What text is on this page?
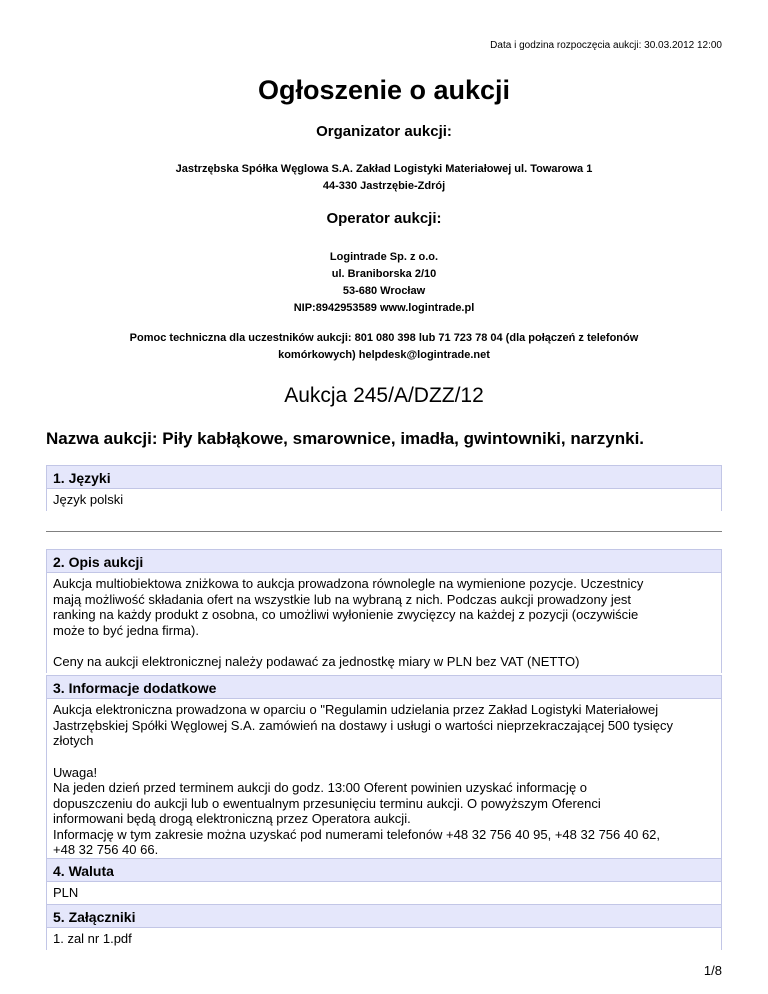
Data i godzina rozpoczęcia aukcji: 30.03.2012 12:00
Ogłoszenie o aukcji
Organizator aukcji:
Jastrzębska Spółka Węglowa S.A. Zakład Logistyki Materiałowej ul. Towarowa 1
44-330 Jastrzębie-Zdrój
Operator aukcji:
Logintrade Sp. z o.o.
ul. Braniborska 2/10
53-680 Wrocław
NIP:8942953589 www.logintrade.pl
Pomoc techniczna dla uczestników aukcji: 801 080 398 lub 71 723 78 04 (dla połączeń z telefonów
komórkowych) helpdesk@logintrade.net
Aukcja 245/A/DZZ/12
Nazwa aukcji: Piły kabłąkowe, smarownice, imadła, gwintowniki, narzynki.
1. Języki

Język polski

2. Opis aukcji

Aukcja multiobiektowa zniżkowa to aukcja prowadzona równolegle na wymienione pozycje. Uczestnicy

mają możliwość składania ofert na wszystkie lub na wybraną z nich. Podczas aukcji prowadzony jest

ranking na każdy produkt z osobna, co umożliwi wyłonienie zwycięzcy na każdej z pozycji (oczywiście

może to być jedna firma).

Ceny na aukcji elektronicznej należy podawać za jednostkę miary w PLN bez VAT (NETTO)

3. Informacje dodatkowe

Aukcja elektroniczna prowadzona w oparciu o "Regulamin udzielania przez Zakład Logistyki Materiałowej

Jastrzębskiej Spółki Węglowej S.A. zamówień na dostawy i usługi o wartości nieprzekraczającej 500 tysięcy

złotych

Uwaga!

Na jeden dzień przed terminem aukcji do godz. 13:00 Oferent powinien uzyskać informację o

dopuszczeniu do aukcji lub o ewentualnym przesunięciu terminu aukcji. O powyższym Oferenci

informowani będą drogą elektroniczną przez Operatora aukcji.

Informację w tym zakresie można uzyskać pod numerami telefonów +48 32 756 40 95, +48 32 756 40 62,

+48 32 756 40 66.

4. Waluta

PLN

5. Załączniki

1. zal nr 1.pdf

1/8
